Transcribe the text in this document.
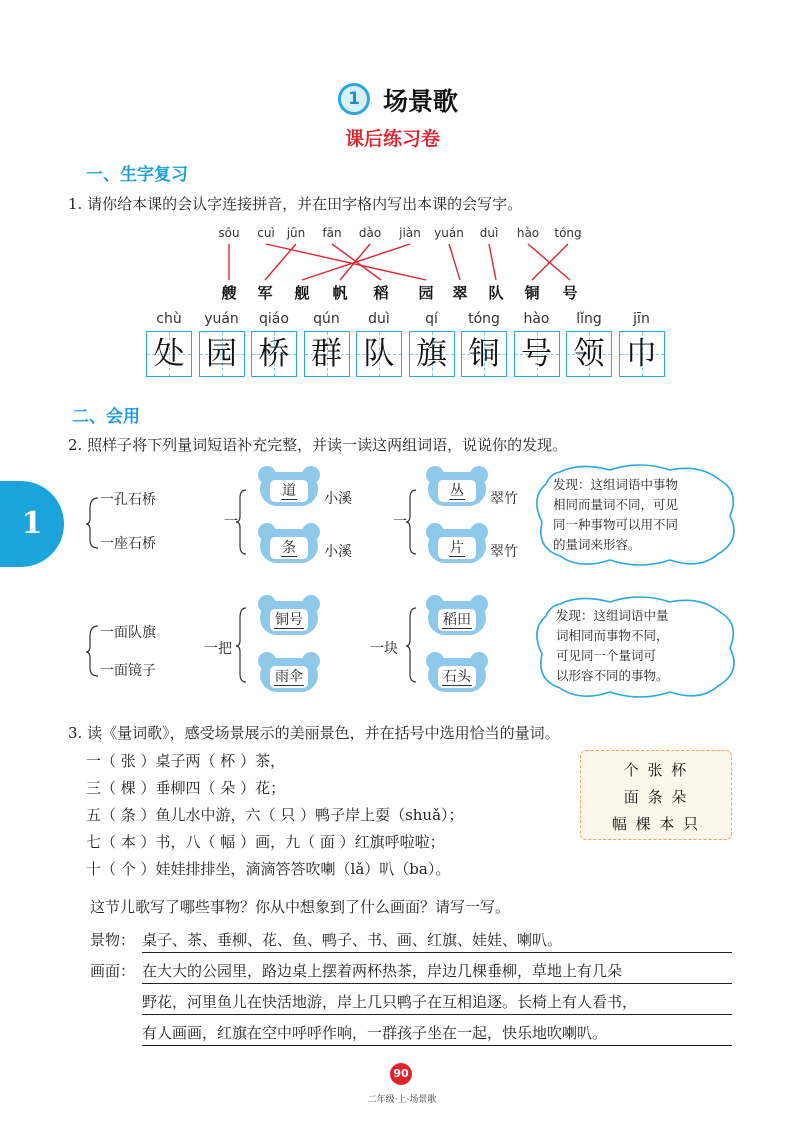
1 场景歌
课后练习卷
1
一、生字复习
1. 请你给本课的会认字连接拼音，并在田字格内写出本课的会写字。
sōu	cuì jūn	fān	dào	jiàn	yuán	duì	hào	tóng
艘	军	舰	帆	稻	园	翠	队	铜	号
chù	yuán	qiáo	qún	duì	qí	tóng	hào	lǐng	jīn
处 园 桥 群 队 旗 铜 号 领 巾
二、会用
2. 照样子将下列量词短语补充完整，并读一读这两组词语，说说你的发现。
一孔石桥
一座石桥
一
道	小溪
条	小溪
一
丛	翠竹
片	翠竹
发现：这组词语中事物
相同而量词不同，可见
同一种事物可以用不同
的量词来形容。
一面队旗
一面镜子
一把
铜号
雨伞
一块
稻田
石头
发现：这组词语中量
词相同而事物不同，
可见同一个量词可
以形容不同的事物。
3. 读《量词歌》，感受场景展示的美丽景色，并在括号中选用恰当的量词。
一（ 张 ）桌子两（ 杯 ）茶，
三（ 棵 ）垂柳四（ 朵 ）花；
五（ 条 ）鱼儿水中游，六（ 只 ）鸭子岸上耍（shuǎ）；
七（ 本 ）书，八（ 幅 ）画，九（ 面 ）红旗呼啦啦；
十（ 个 ）娃娃排排坐，滴滴答答吹喇（lǎ）叭（ba）。
个 张 杯
面 条 朵
幅 棵 本 只
这节儿歌写了哪些事物？你从中想象到了什么画面？请写一写。
景物： 桌子、茶、垂柳、花、鱼、鸭子、书、画、红旗、娃娃、喇叭。
画面： 在大大的公园里，路边桌上摆着两杯热茶，岸边几棵垂柳，草地上有几朵
野花，河里鱼儿在快活地游，岸上几只鸭子在互相追逐。长椅上有人看书，
有人画画，红旗在空中呼呼作响，一群孩子坐在一起，快乐地吹喇叭。
90
二年级·上·场景歌
